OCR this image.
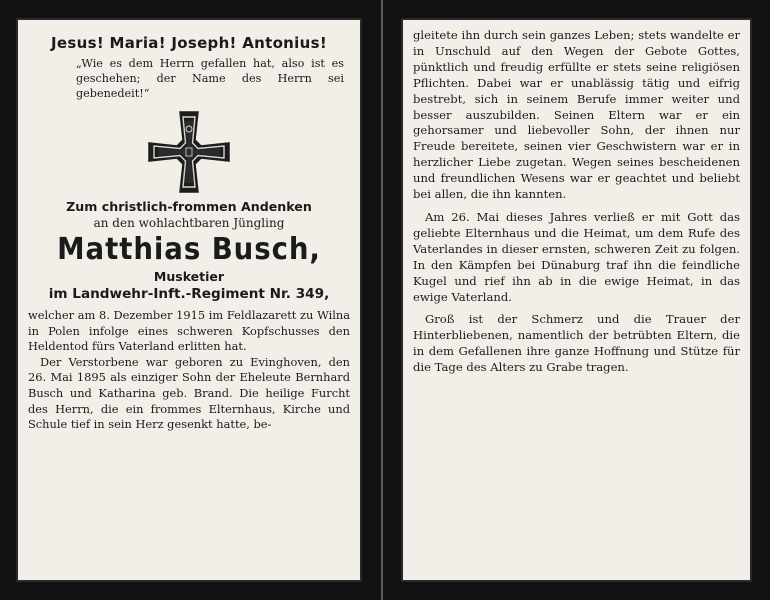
Jesus! Maria! Joseph! Antonius!
„Wie es dem Herrn gefallen hat, also ist es geschehen; der Name des Herrn sei gebenedeit!“
Zum christlich-frommen Andenken
an den wohlachtbaren Jüngling
Matthias Busch,
Musketier
im Landwehr-Inft.-Regiment Nr. 349,

welcher am 8. Dezember 1915 im Feldlazarett zu Wilna in Polen infolge eines schweren Kopfschusses den Heldentod fürs Vaterland erlitten hat.

Der Verstorbene war geboren zu Evinghoven, den 26. Mai 1895 als einziger Sohn der Eheleute Bernhard Busch und Katharina geb. Brand. Die heilige Furcht des Herrn, die ein frommes Elternhaus, Kirche und Schule tief in sein Herz gesenkt hatte, be-

gleitete ihn durch sein ganzes Leben; stets wandelte er in Unschuld auf den Wegen der Gebote Gottes, pünktlich und freudig erfüllte er stets seine religiösen Pflichten. Dabei war er unablässig tätig und eifrig bestrebt, sich in seinem Berufe immer weiter und besser auszubilden. Seinen Eltern war er ein gehorsamer und liebevoller Sohn, der ihnen nur Freude bereitete, seinen vier Geschwistern war er in herzlicher Liebe zugetan. Wegen seines bescheidenen und freundlichen Wesens war er geachtet und beliebt bei allen, die ihn kannten.

Am 26. Mai dieses Jahres verließ er mit Gott das geliebte Elternhaus und die Heimat, um dem Rufe des Vaterlandes in dieser ernsten, schweren Zeit zu folgen. In den Kämpfen bei Dünaburg traf ihn die feindliche Kugel und rief ihn ab in die ewige Heimat, in das ewige Vaterland.

Groß ist der Schmerz und die Trauer der Hinterbliebenen, namentlich der betrübten Eltern, die in dem Gefallenen ihre ganze Hoffnung und Stütze für die Tage des Alters zu Grabe tragen.
